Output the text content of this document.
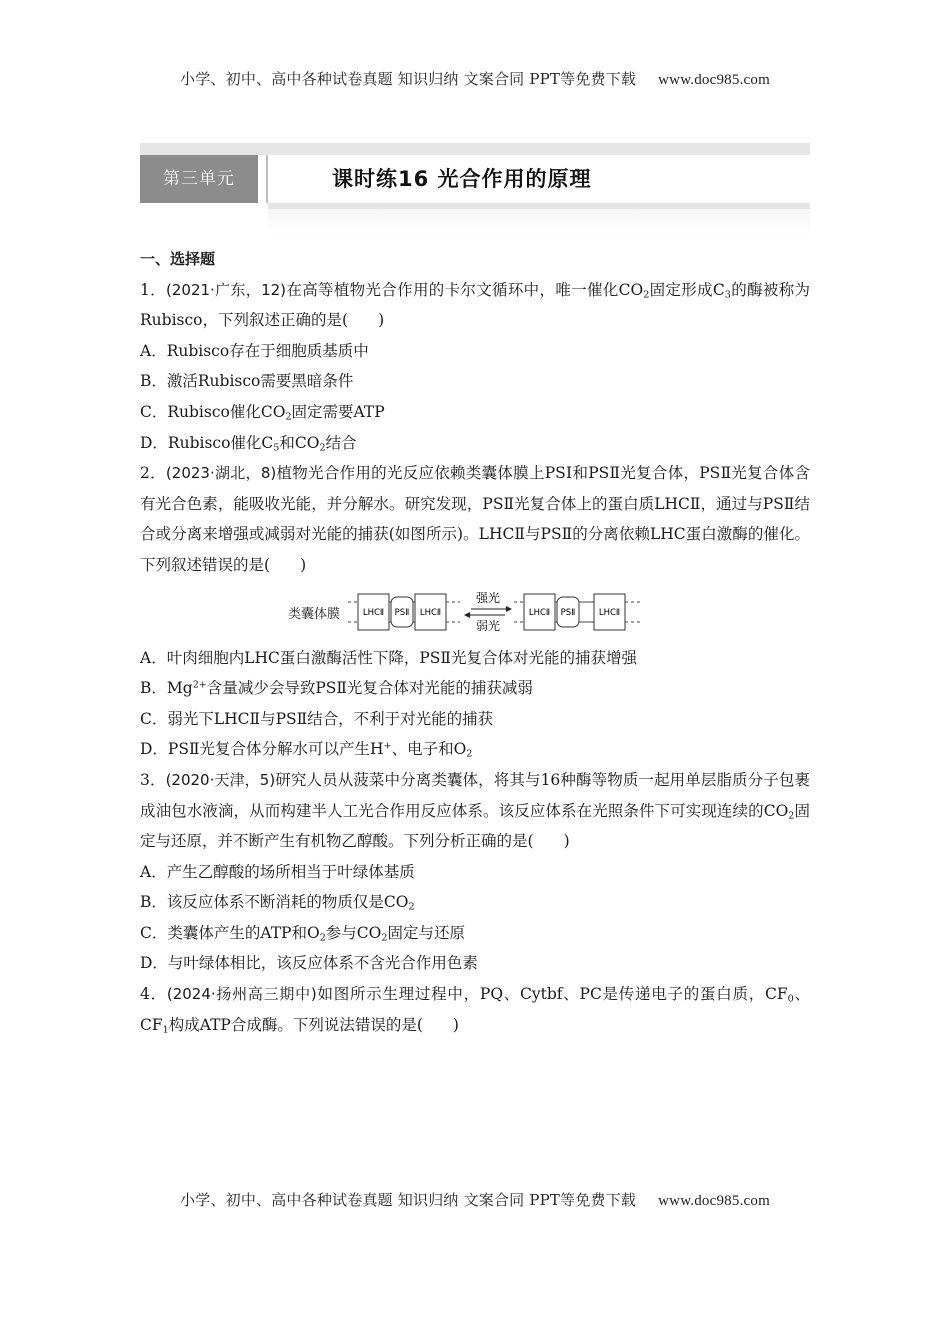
小学、初中、高中各种试卷真题 知识归纳 文案合同 PPT等免费下载 www.doc985.com
第三单元	课时练16 光合作用的原理

一、选择题

1．(2021·广东，12)在高等植物光合作用的卡尔文循环中，唯一催化$CO_2$固定形成$C_3$的酶被称为Rubisco，下列叙述正确的是( )

A．Rubisco存在于细胞质基质中

B．激活Rubisco需要黑暗条件

C．Rubisco催化$CO_2$固定需要ATP

D．Rubisco催化$C_5$和$CO_2$结合

2．(2023·湖北，8)植物光合作用的光反应依赖类囊体膜上PSⅠ和PSⅡ光复合体，PSⅡ光复合体含有光合色素，能吸收光能，并分解水。研究发现，PSⅡ光复合体上的蛋白质LHCⅡ，通过与PSⅡ结合或分离来增强或减弱对光能的捕获(如图所示)。LHCⅡ与PSⅡ的分离依赖LHC蛋白激酶的催化。下列叙述错误的是( )

类囊体膜	LHCⅡ PSⅡ LHCⅡ
强光
弱光
LHCⅡ PSⅡ	LHCⅡ

A．叶肉细胞内LHC蛋白激酶活性下降，PSⅡ光复合体对光能的捕获增强

B．$Mg^{2+}$含量减少会导致PSⅡ光复合体对光能的捕获减弱

C．弱光下LHCⅡ与PSⅡ结合，不利于对光能的捕获

D．PSⅡ光复合体分解水可以产生H+、电子和$O_2$

3．(2020·天津，5)研究人员从菠菜中分离类囊体，将其与16种酶等物质一起用单层脂质分子包裹成油包水液滴，从而构建半人工光合作用反应体系。该反应体系在光照条件下可实现连续的$CO_2$固定与还原，并不断产生有机物乙醇酸。下列分析正确的是( )

A．产生乙醇酸的场所相当于叶绿体基质

B．该反应体系不断消耗的物质仅是$CO_2$

C．类囊体产生的ATP和$O_2$参与$CO_2$固定与还原

D．与叶绿体相比，该反应体系不含光合作用色素

4．(2024·扬州高三期中)如图所示生理过程中，PQ、Cytbf、PC是传递电子的蛋白质，$CF_0$、$CF_1$构成ATP合成酶。下列说法错误的是( )

小学、初中、高中各种试卷真题 知识归纳 文案合同 PPT等免费下载 www.doc985.com
